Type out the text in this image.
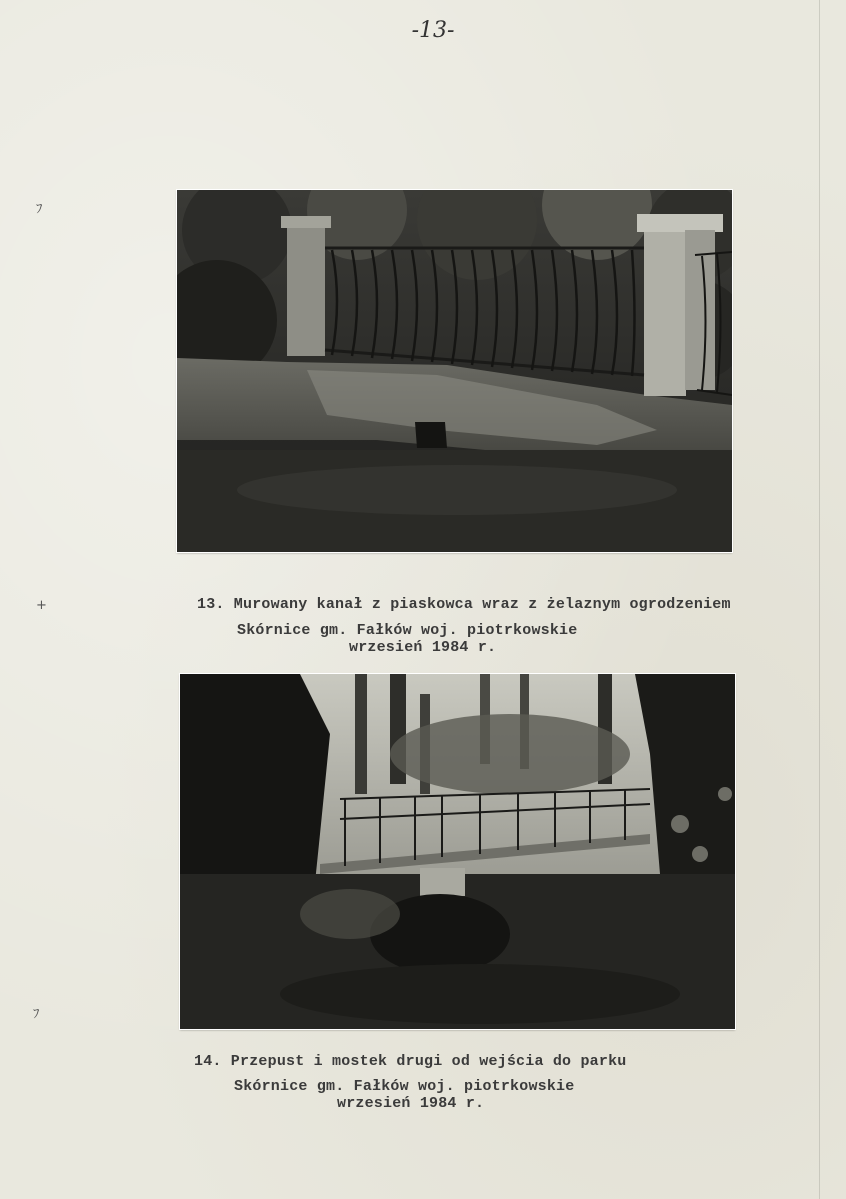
-13-
ﾌ
+
ﾌ
13. Murowany kanał z piaskowca wraz z żelaznym ogrodzeniem
Skórnice gm. Fałków woj. piotrkowskie
wrzesień 1984 r.
14. Przepust i mostek drugi od wejścia do parku
Skórnice gm. Fałków woj. piotrkowskie
wrzesień 1984 r.
